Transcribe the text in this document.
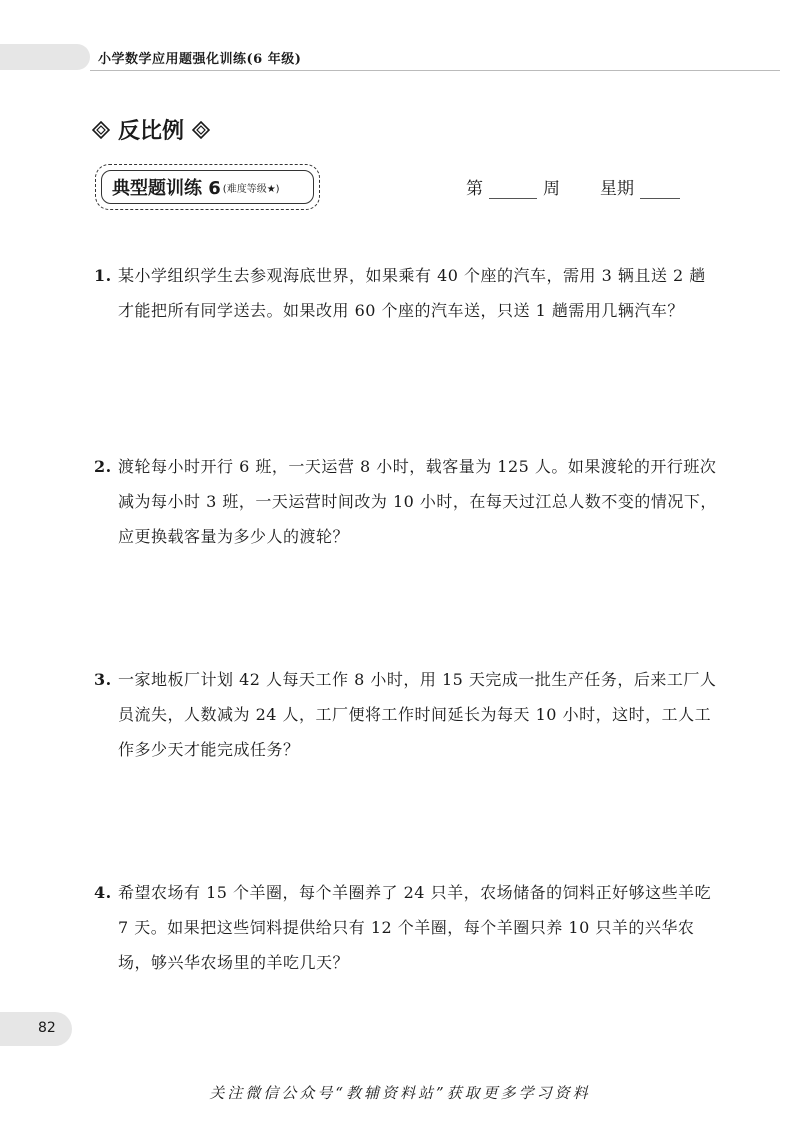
小学数学应用题强化训练(6 年级)
反比例
典型题训练 6 (难度等级★)	第	周 星期
1. 某小学组织学生去参观海底世界，如果乘有 40 个座的汽车，需用 3 辆且送 2 趟才能把所有同学送去。如果改用 60 个座的汽车送，只送 1 趟需用几辆汽车？
2. 渡轮每小时开行 6 班，一天运营 8 小时，载客量为 125 人。如果渡轮的开行班次减为每小时 3 班，一天运营时间改为 10 小时，在每天过江总人数不变的情况下，应更换载客量为多少人的渡轮？
3. 一家地板厂计划 42 人每天工作 8 小时，用 15 天完成一批生产任务，后来工厂人员流失，人数减为 24 人，工厂便将工作时间延长为每天 10 小时，这时，工人工作多少天才能完成任务？
4. 希望农场有 15 个羊圈，每个羊圈养了 24 只羊，农场储备的饲料正好够这些羊吃 7 天。如果把这些饲料提供给只有 12 个羊圈，每个羊圈只养 10 只羊的兴华农场，够兴华农场里的羊吃几天？
82
关注微信公众号“教辅资料站”获取更多学习资料
